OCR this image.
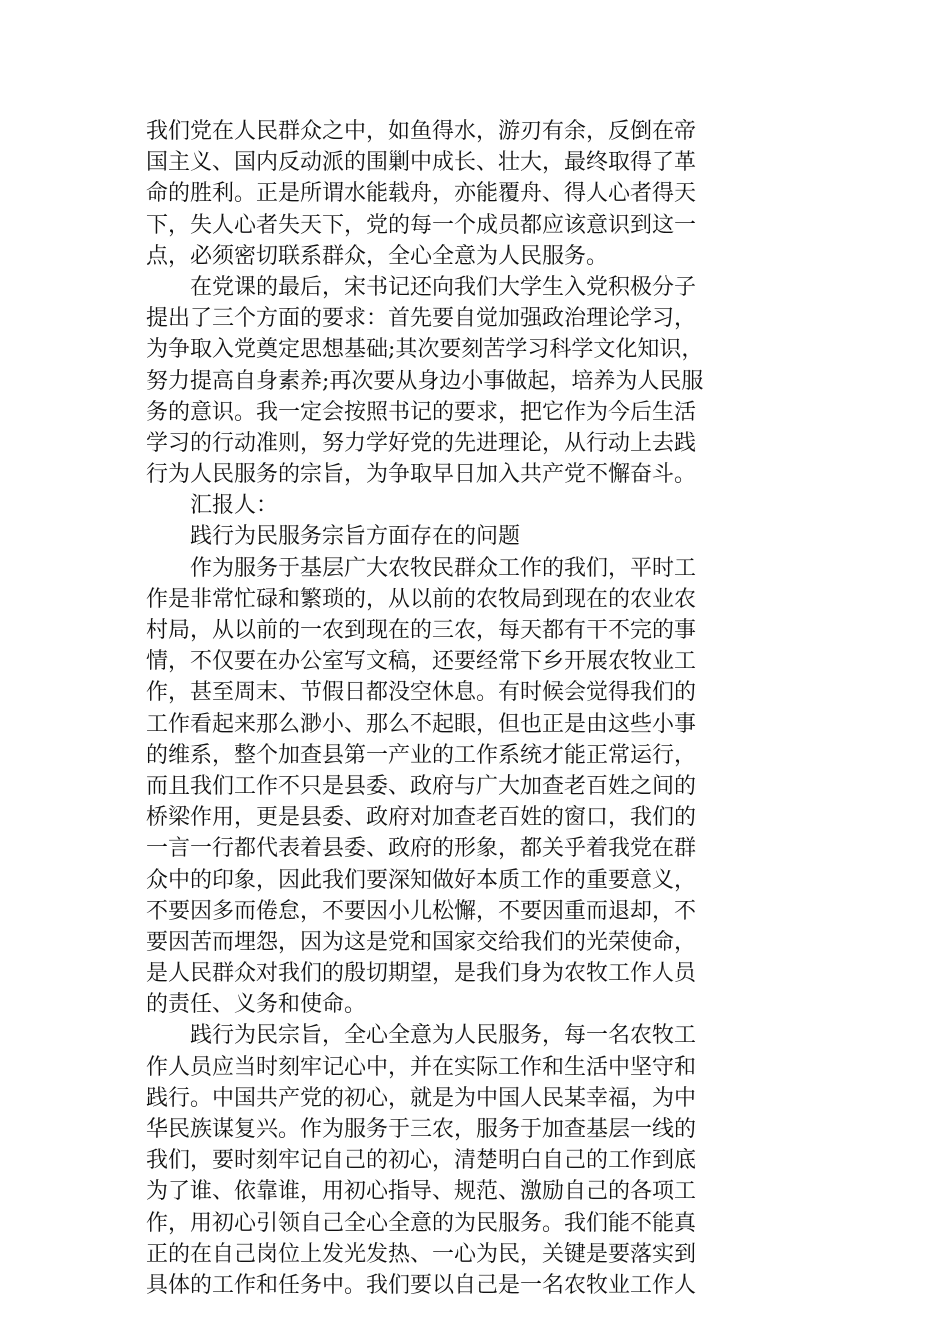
我们党在人民群众之中，如鱼得水，游刃有余，反倒在帝
国主义、国内反动派的围剿中成长、壮大，最终取得了革
命的胜利。正是所谓水能载舟，亦能覆舟、得人心者得天
下，失人心者失天下，党的每一个成员都应该意识到这一
点，必须密切联系群众，全心全意为人民服务。
在党课的最后，宋书记还向我们大学生入党积极分子
提出了三个方面的要求：首先要自觉加强政治理论学习，
为争取入党奠定思想基础;其次要刻苦学习科学文化知识，
努力提高自身素养;再次要从身边小事做起，培养为人民服
务的意识。我一定会按照书记的要求，把它作为今后生活
学习的行动准则，努力学好党的先进理论，从行动上去践
行为人民服务的宗旨，为争取早日加入共产党不懈奋斗。
汇报人：
践行为民服务宗旨方面存在的问题
作为服务于基层广大农牧民群众工作的我们，平时工
作是非常忙碌和繁琐的，从以前的农牧局到现在的农业农
村局，从以前的一农到现在的三农，每天都有干不完的事
情，不仅要在办公室写文稿，还要经常下乡开展农牧业工
作，甚至周末、节假日都没空休息。有时候会觉得我们的
工作看起来那么渺小、那么不起眼，但也正是由这些小事
的维系，整个加查县第一产业的工作系统才能正常运行，
而且我们工作不只是县委、政府与广大加查老百姓之间的
桥梁作用，更是县委、政府对加查老百姓的窗口，我们的
一言一行都代表着县委、政府的形象，都关乎着我党在群
众中的印象，因此我们要深知做好本质工作的重要意义，
不要因多而倦怠，不要因小儿松懈，不要因重而退却，不
要因苦而埋怨，因为这是党和国家交给我们的光荣使命，
是人民群众对我们的殷切期望，是我们身为农牧工作人员
的责任、义务和使命。
践行为民宗旨，全心全意为人民服务，每一名农牧工
作人员应当时刻牢记心中，并在实际工作和生活中坚守和
践行。中国共产党的初心，就是为中国人民某幸福，为中
华民族谋复兴。作为服务于三农，服务于加查基层一线的
我们，要时刻牢记自己的初心，清楚明白自己的工作到底
为了谁、依靠谁，用初心指导、规范、激励自己的各项工
作，用初心引领自己全心全意的为民服务。我们能不能真
正的在自己岗位上发光发热、一心为民，关键是要落实到
具体的工作和任务中。我们要以自己是一名农牧业工作人
